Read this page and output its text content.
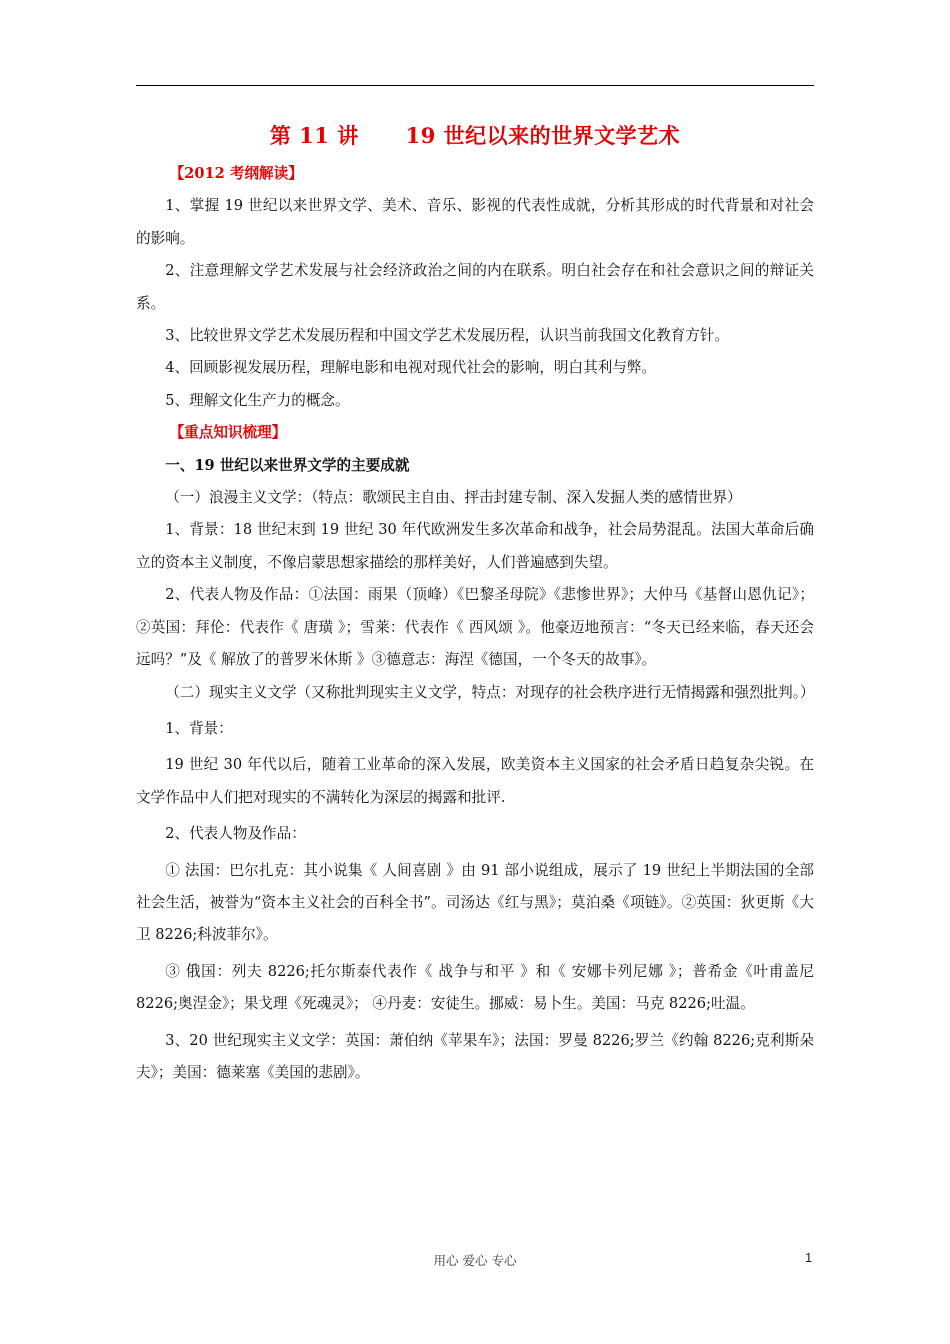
第 11 讲      19 世纪以来的世界文学艺术

【2012 考纲解读】

1、掌握 19 世纪以来世界文学、美术、音乐、影视的代表性成就，分析其形成的时代背景和对社会的影响。

2、注意理解文学艺术发展与社会经济政治之间的内在联系。明白社会存在和社会意识之间的辩证关系。

3、比较世界文学艺术发展历程和中国文学艺术发展历程，认识当前我国文化教育方针。

4、回顾影视发展历程，理解电影和电视对现代社会的影响，明白其利与弊。

5、理解文化生产力的概念。

【重点知识梳理】

一、19 世纪以来世界文学的主要成就

（一）浪漫主义文学：（特点：歌颂民主自由、抨击封建专制、深入发掘人类的感情世界）

1、背景：18 世纪末到 19 世纪 30 年代欧洲发生多次革命和战争，社会局势混乱。法国大革命后确立的资本主义制度，不像启蒙思想家描绘的那样美好，人们普遍感到失望。

2、代表人物及作品：①法国：雨果（顶峰）《巴黎圣母院》《悲惨世界》；大仲马《基督山恩仇记》；②英国：拜伦：代表作《 唐璜 》；雪莱：代表作《 西风颂 》。他豪迈地预言：“冬天已经来临，春天还会远吗？”及《 解放了的普罗米休斯 》③德意志：海涅《德国，一个冬天的故事》。

（二）现实主义文学（又称批判现实主义文学，特点：对现存的社会秩序进行无情揭露和强烈批判。）

1、背景：

19 世纪 30 年代以后，随着工业革命的深入发展，欧美资本主义国家的社会矛盾日趋复杂尖锐。在文学作品中人们把对现实的不满转化为深层的揭露和批评.

2、代表人物及作品：

① 法国：巴尔扎克：其小说集《 人间喜剧 》由 91 部小说组成，展示了 19 世纪上半期法国的全部社会生活，被誉为“资本主义社会的百科全书”。司汤达《红与黑》；莫泊桑《项链》。②英国：狄更斯《大卫 8226;科波菲尔》。

③ 俄国：列夫 8226;托尔斯泰代表作《 战争与和平 》和《 安娜卡列尼娜 》；普希金《叶甫盖尼 8226;奥涅金》；果戈理《死魂灵》； ④丹麦：安徒生。挪威：易卜生。美国：马克 8226;吐温。

3、20 世纪现实主义文学：英国：萧伯纳《苹果车》；法国：罗曼 8226;罗兰《约翰 8226;克利斯朵夫》；美国：德莱塞《美国的悲剧》。

用心 爱心 专心	1
